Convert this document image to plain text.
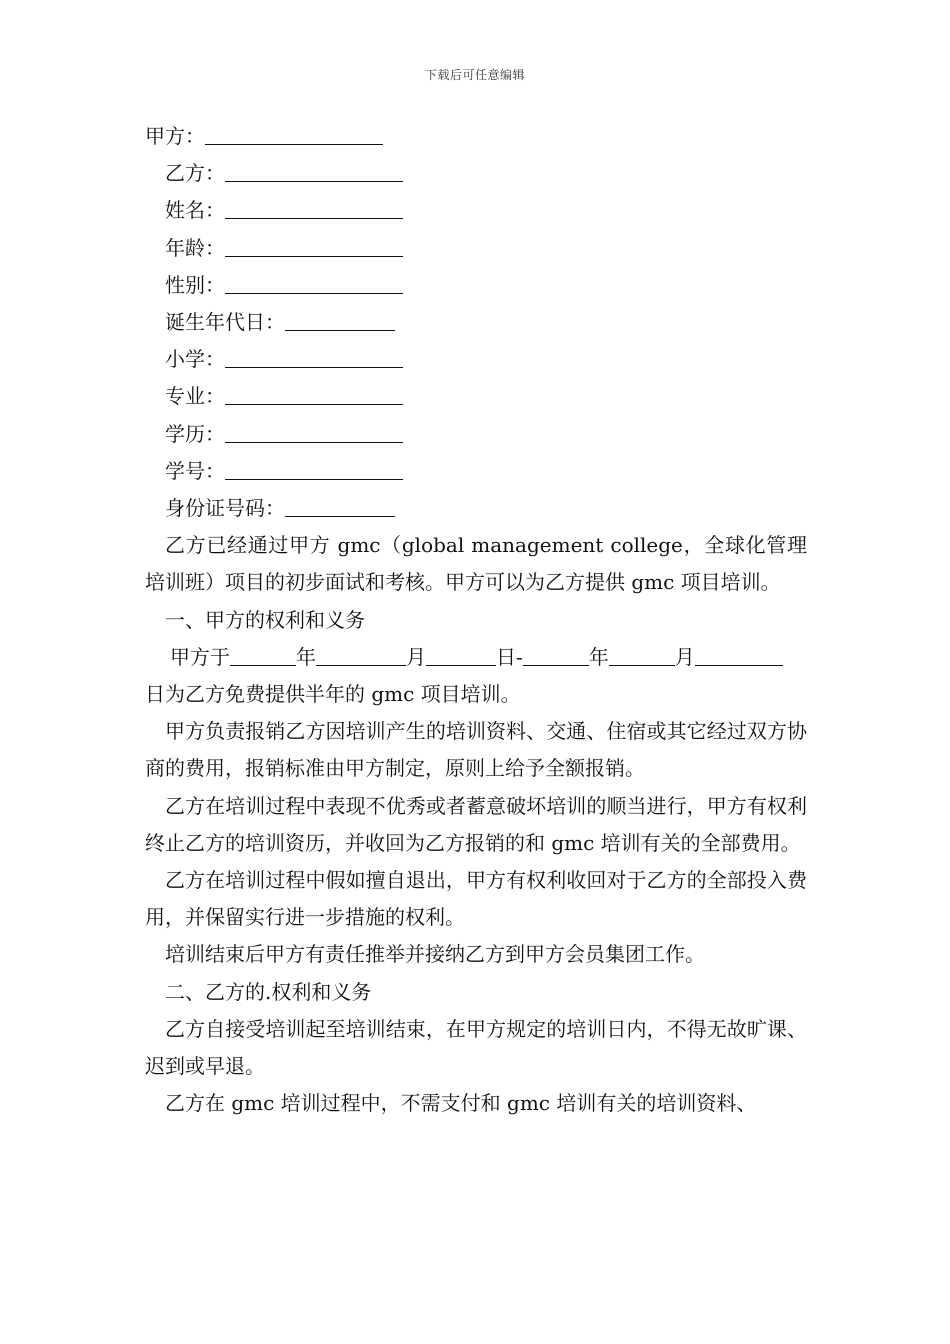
下载后可任意编辑
甲方：
乙方：
姓名：
年龄：
性别：
诞生年代日：
小学：
专业：
学历：
学号：
身份证号码：

乙方已经通过甲方 gmc（global management college，全球化管理培训班）项目的初步面试和考核。甲方可以为乙方提供 gmc 项目培训。

一、甲方的权利和义务

甲方于	年	月	日-	年	月

日为乙方免费提供半年的 gmc 项目培训。

甲方负责报销乙方因培训产生的培训资料、交通、住宿或其它经过双方协商的费用，报销标准由甲方制定，原则上给予全额报销。

乙方在培训过程中表现不优秀或者蓄意破坏培训的顺当进行，甲方有权利终止乙方的培训资历，并收回为乙方报销的和 gmc 培训有关的全部费用。

乙方在培训过程中假如擅自退出，甲方有权利收回对于乙方的全部投入费用，并保留实行进一步措施的权利。

培训结束后甲方有责任推举并接纳乙方到甲方会员集团工作。

二、乙方的.权利和义务

乙方自接受培训起至培训结束，在甲方规定的培训日内，不得无故旷课、迟到或早退。

乙方在 gmc 培训过程中，不需支付和 gmc 培训有关的培训资料、
